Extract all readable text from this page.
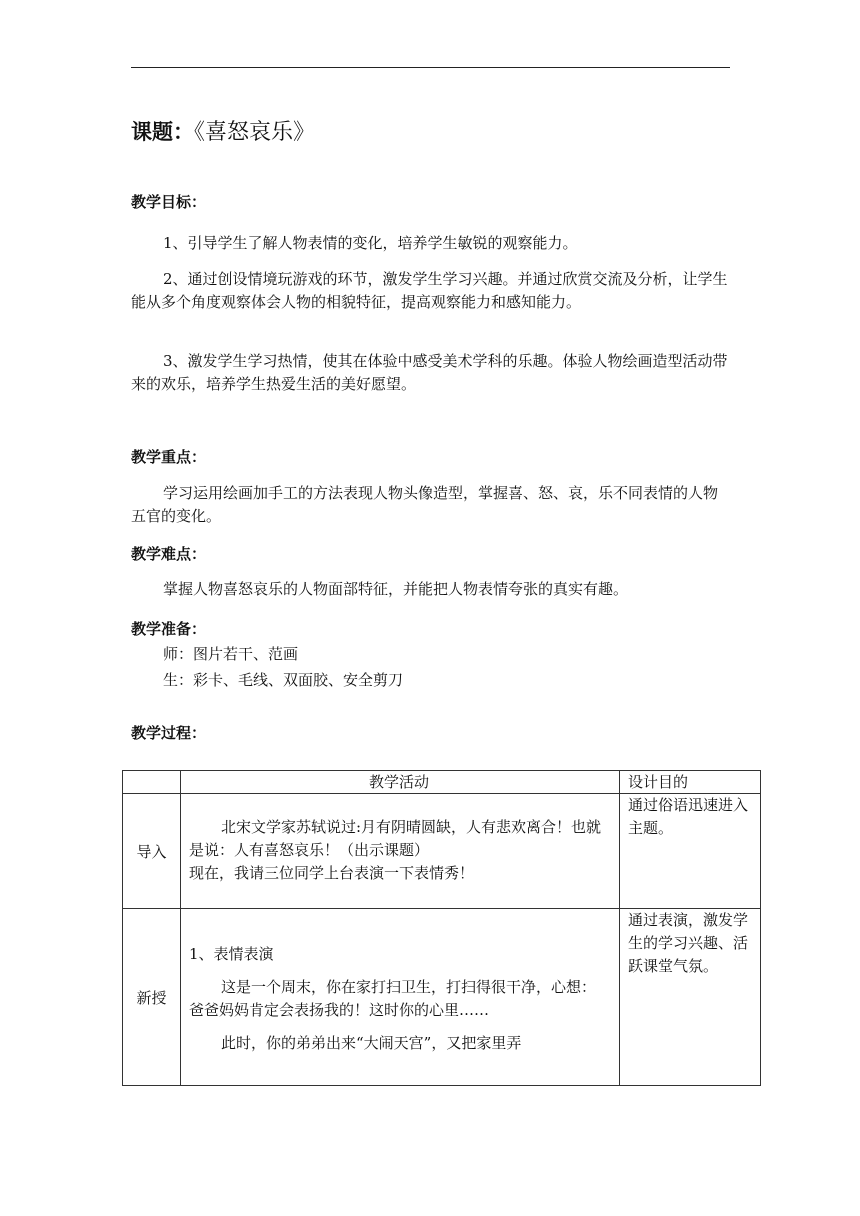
课题：《喜怒哀乐》
教学目标：
1、引导学生了解人物表情的变化，培养学生敏锐的观察能力。
2、通过创设情境玩游戏的环节，激发学生学习兴趣。并通过欣赏交流及分析，让学生能从多个角度观察体会人物的相貌特征，提高观察能力和感知能力。
3、激发学生学习热情，使其在体验中感受美术学科的乐趣。体验人物绘画造型活动带来的欢乐，培养学生热爱生活的美好愿望。
教学重点：
学习运用绘画加手工的方法表现人物头像造型，掌握喜、怒、哀，乐不同表情的人物五官的变化。
教学难点：
掌握人物喜怒哀乐的人物面部特征，并能把人物表情夸张的真实有趣。
教学准备：
师：图片若干、范画
生：彩卡、毛线、双面胶、安全剪刀
教学过程：
	教学活动	设计目的
导入	北宋文学家苏轼说过:月有阴晴圆缺，人有悲欢离合！也就是说：人有喜怒哀乐！（出示课题）
现在，我请三位同学上台表演一下表情秀！	通过俗语迅速进入主题。

新授	1、表情表演
这是一个周末，你在家打扫卫生，打扫得很干净，心想：爸爸妈妈肯定会表扬我的！这时你的心里……
此时，你的弟弟出来“大闹天宫”，又把家里弄	通过表演，激发学生的学习兴趣、活跃课堂气氛。
